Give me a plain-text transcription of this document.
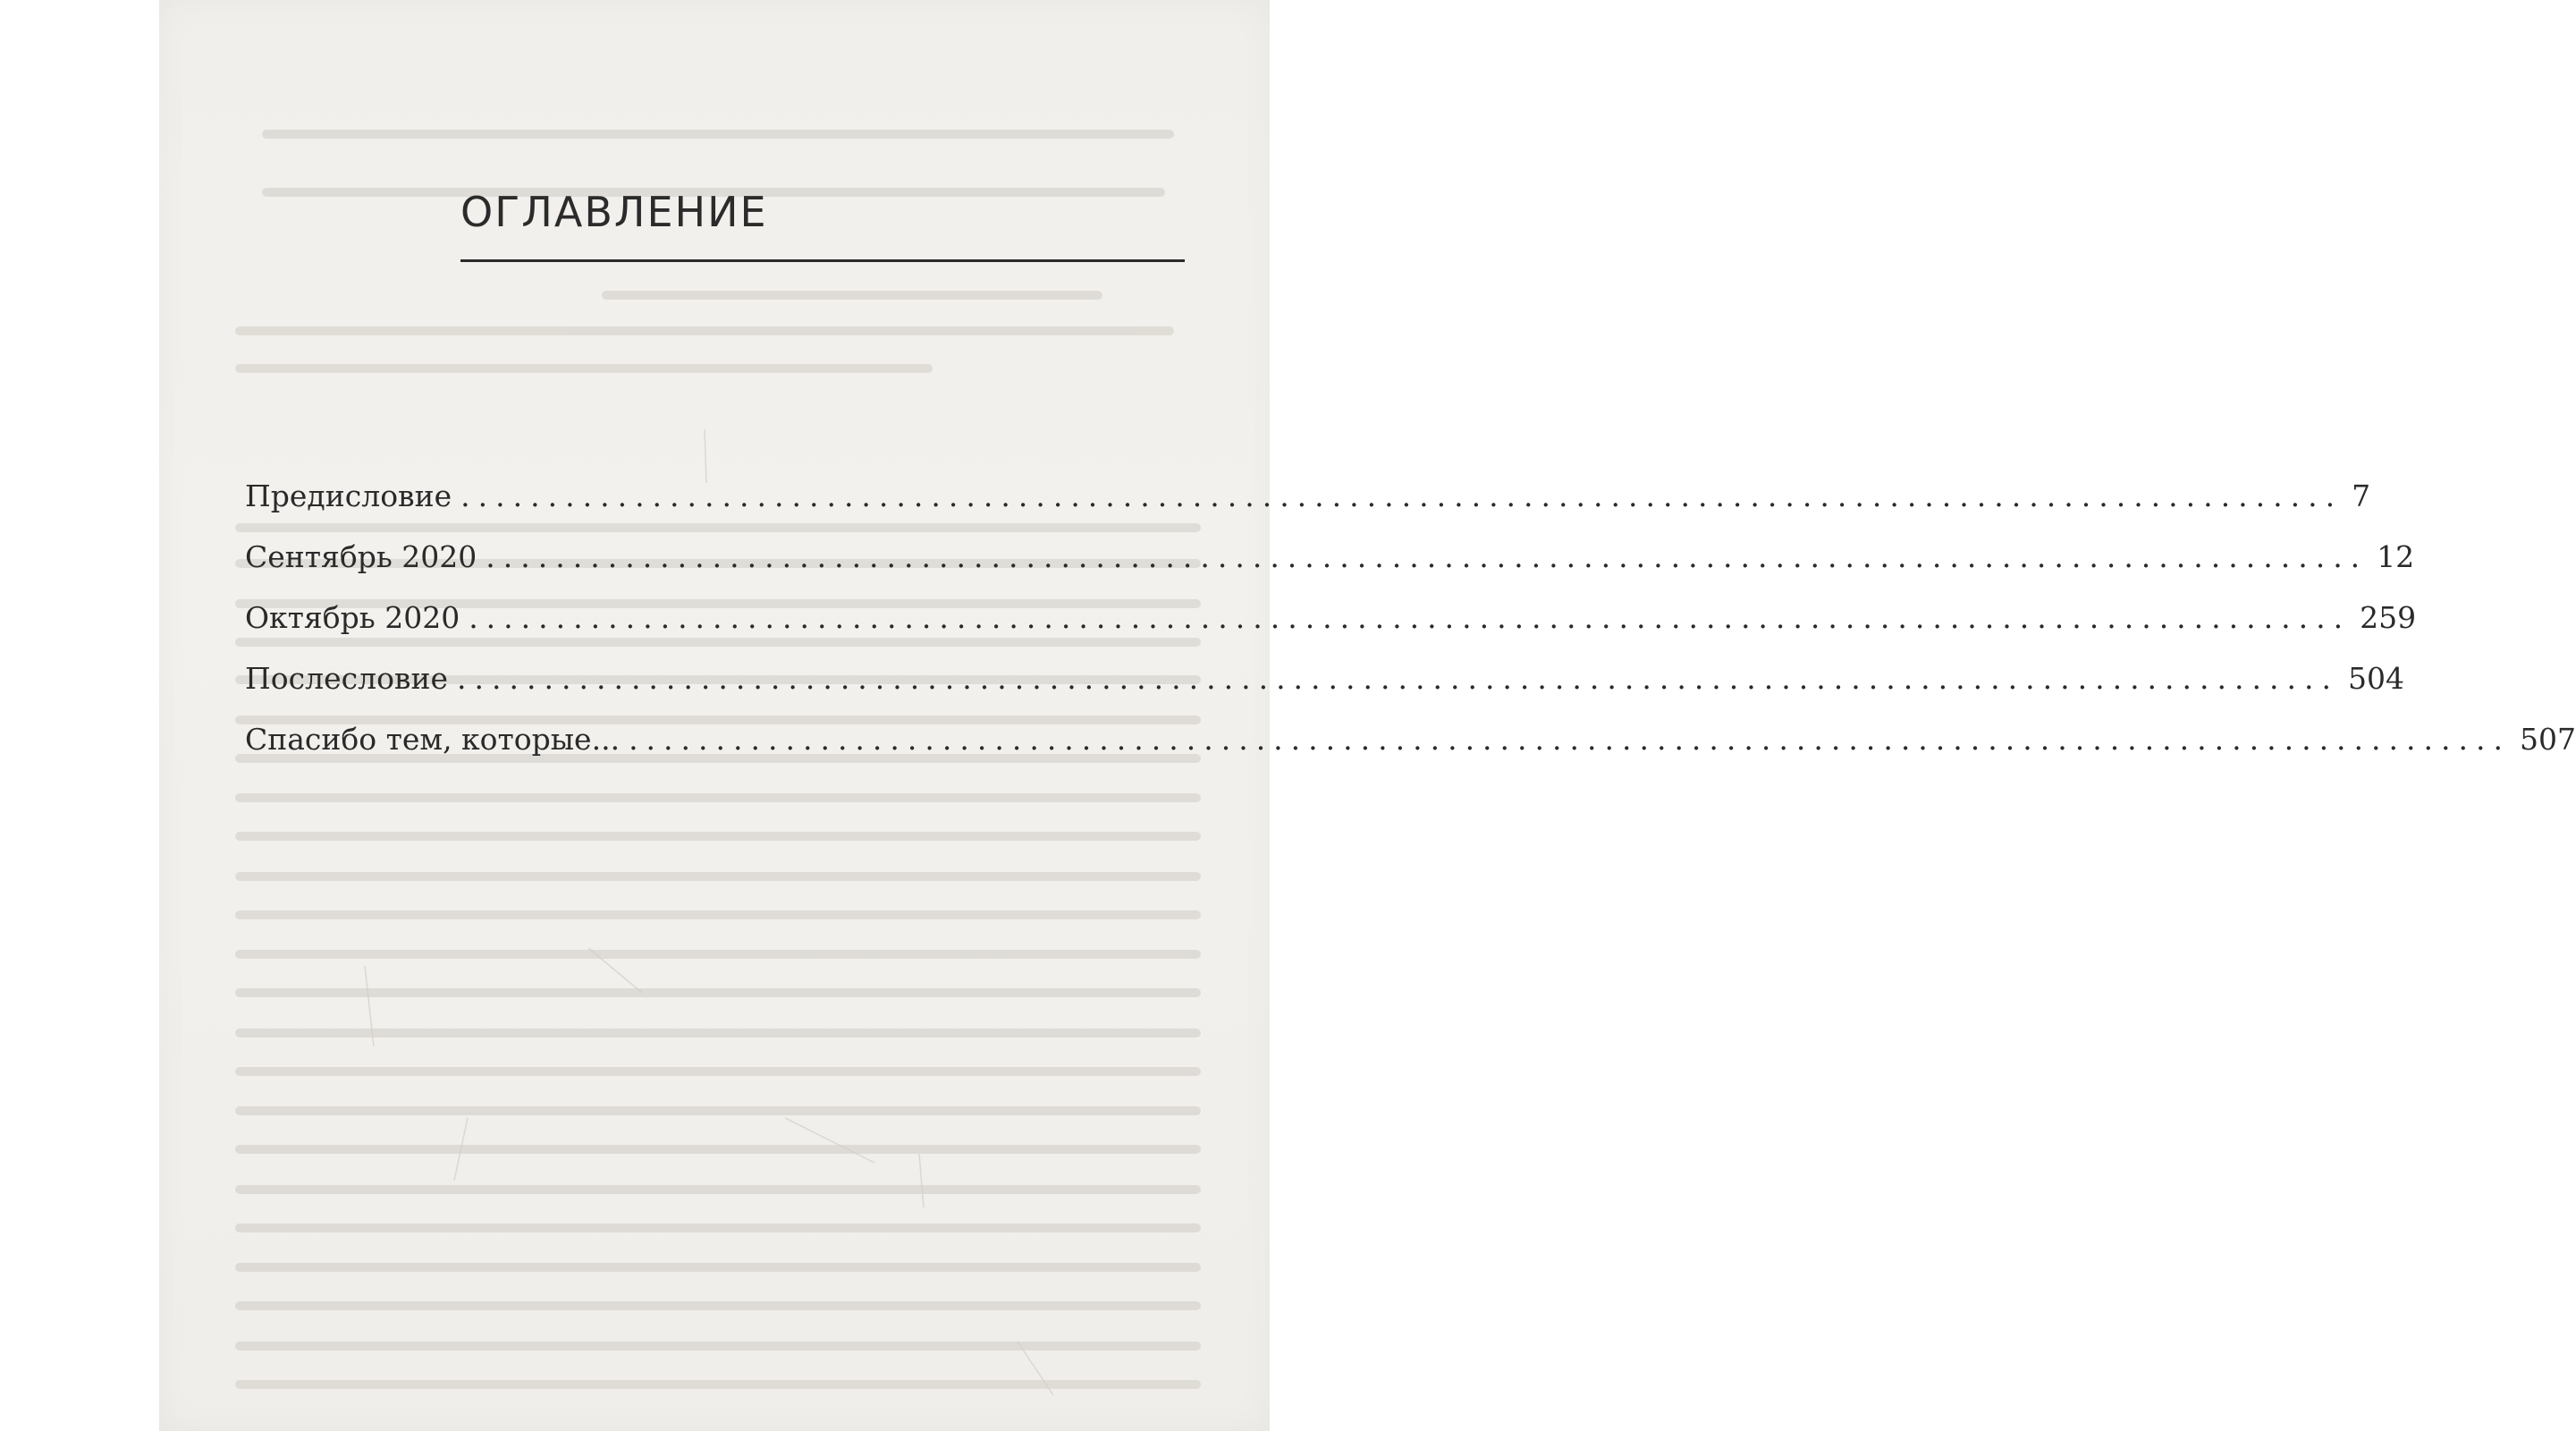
ОГЛАВЛЕНИЕ
Предисловие ............................................................................................................ 7
Сентябрь 2020 ............................................................................................................ 12
Октябрь 2020 ............................................................................................................ 259
Послесловие ............................................................................................................ 504
Спасибо тем, которые... ............................................................................................................ 507
